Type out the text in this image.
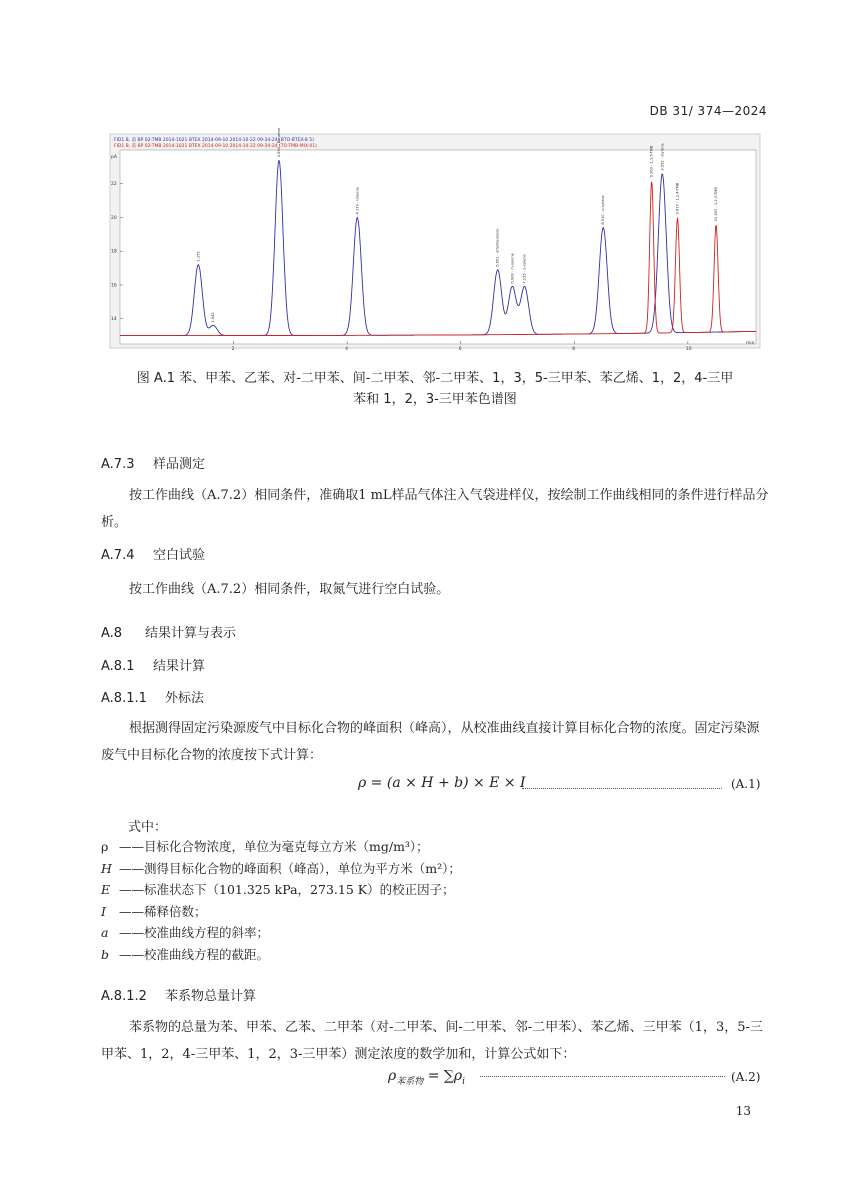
DB 31/ 374—2024
FID1 B, 前 BP 02-TMB 2014-1021 BTEX 2014-09-10 2014-10-22 09-34-24 (BTO-BTEX-8 5)
FID1 B, 前 BP 02-TMB 2014-1021 BTEX 2014-09-10 2014-10-22 09-34-24 (TO-TMB-MIX-01)
pA
min
2	4	6	8	10
14
16
18
20
22
1.379
1.642
2.800 - Benzene
4.179 - toluene
6.651 - ethylbenzene
6.908 - m-xylene 7.125 - o-xylene
8.510 - o-xylene
9.552 - styrene
9.363 - 1,3,5-TMB
9.817 - 1,2,4-TMB	10.497 - 1,2,3-TMB
图 A.1 苯、甲苯、乙苯、对-二甲苯、间-二甲苯、邻-二甲苯、1，3，5-三甲苯、苯乙烯、1，2，4-三甲
苯和 1，2，3-三甲苯色谱图
A.7.3 样品测定
按工作曲线（A.7.2）相同条件，准确取1 mL样品气体注入气袋进样仪，按绘制工作曲线相同的条件进行样品分析。
A.7.4 空白试验
按工作曲线（A.7.2）相同条件，取氮气进行空白试验。
A.8 结果计算与表示
A.8.1 结果计算
A.8.1.1 外标法
根据测得固定污染源废气中目标化合物的峰面积（峰高），从校准曲线直接计算目标化合物的浓度。固定污染源废气中目标化合物的浓度按下式计算：
ρ = (a × H + b) × E × I	(A.1)
式中：
ρ ——目标化合物浓度，单位为毫克每立方米（mg/m³）；
H ——测得目标化合物的峰面积（峰高），单位为平方米（m²）；
E ——标准状态下（101.325 kPa，273.15 K）的校正因子；
I	——稀释倍数；
a ——校准曲线方程的斜率；
b ——校准曲线方程的截距。
A.8.1.2 苯系物总量计算
苯系物的总量为苯、甲苯、乙苯、二甲苯（对-二甲苯、间-二甲苯、邻-二甲苯）、苯乙烯、三甲苯（1，3，5-三甲苯、1，2，4-三甲苯、1，2，3-三甲苯）测定浓度的数学加和，计算公式如下：
$\rho_{苯系物} = \sum\rho_i$	(A.2)
13
